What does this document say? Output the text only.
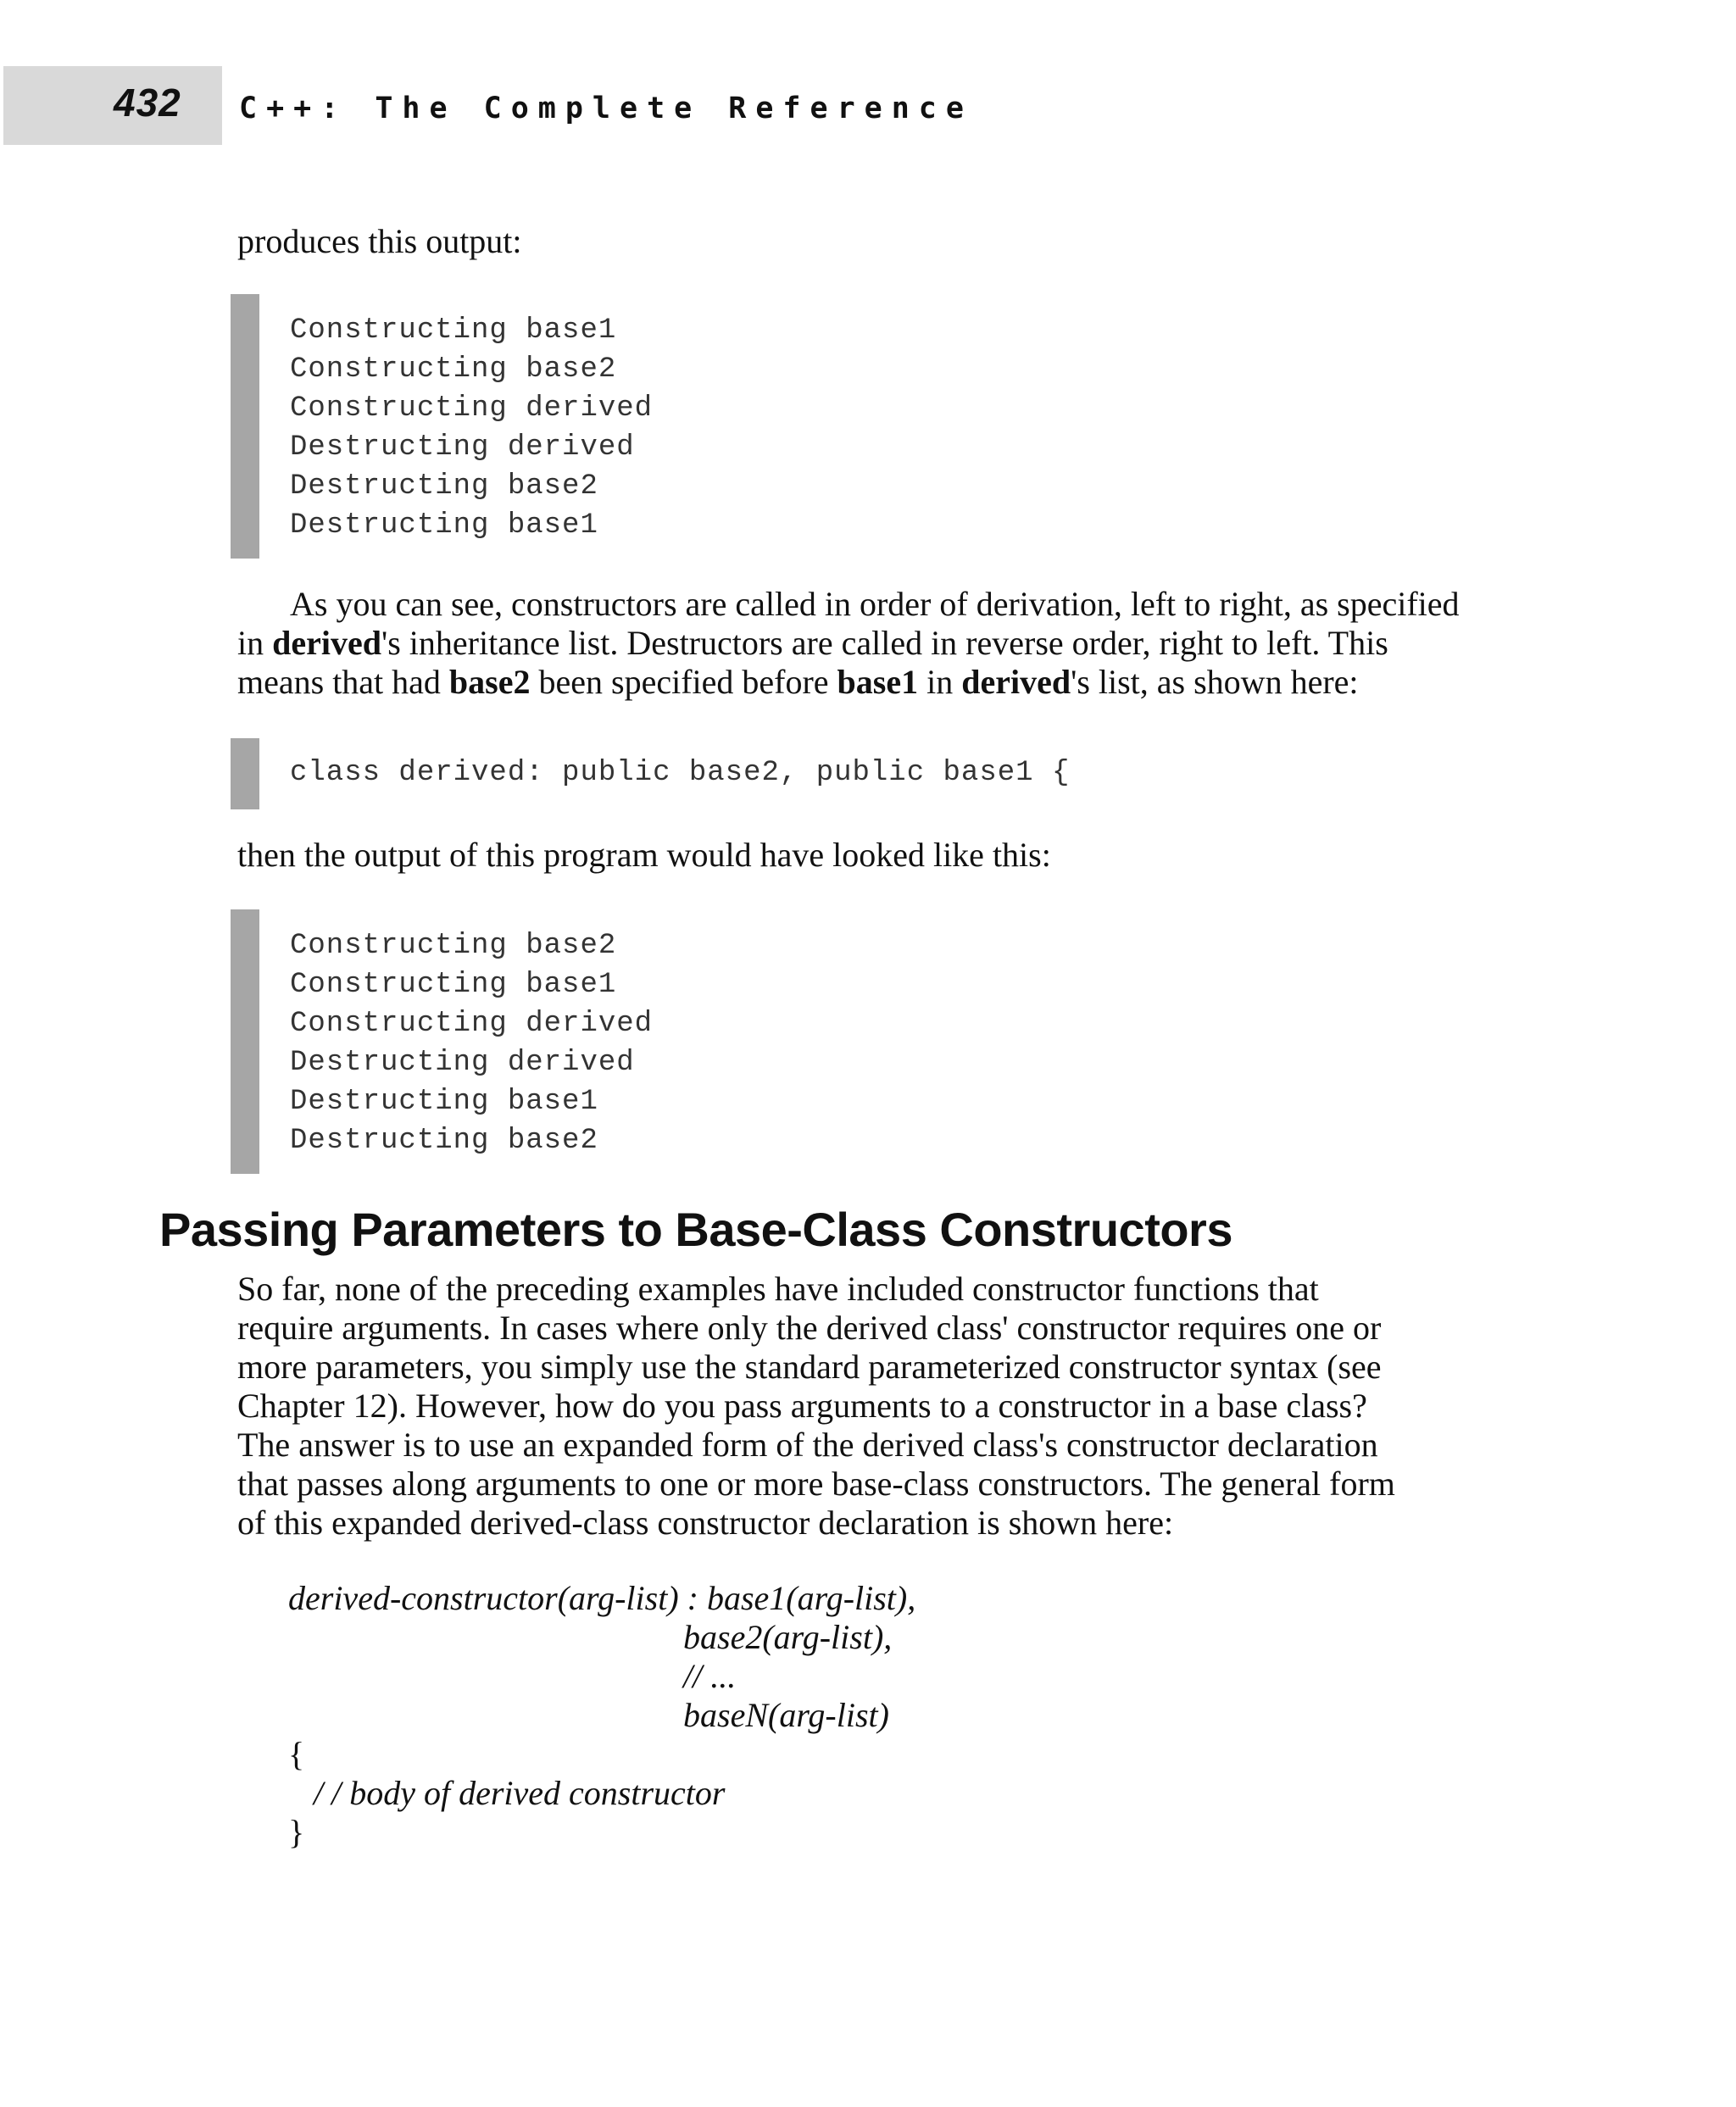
432 C++: The Complete Reference
produces this output:
Constructing base1
Constructing base2
Constructing derived
Destructing derived
Destructing base2
Destructing base1
As you can see, constructors are called in order of derivation, left to right, as specified
in derived's inheritance list. Destructors are called in reverse order, right to left. This
means that had base2 been specified before base1 in derived's list, as shown here:
class derived: public base2, public base1 {
then the output of this program would have looked like this:
Constructing base2
Constructing base1
Constructing derived
Destructing derived
Destructing base1
Destructing base2
Passing Parameters to Base-Class Constructors
So far, none of the preceding examples have included constructor functions that
require arguments. In cases where only the derived class' constructor requires one or
more parameters, you simply use the standard parameterized constructor syntax (see
Chapter 12). However, how do you pass arguments to a constructor in a base class?
The answer is to use an expanded form of the derived class's constructor declaration
that passes along arguments to one or more base-class constructors. The general form
of this expanded derived-class constructor declaration is shown here:
derived-constructor(arg-list) : base1(arg-list),
base2(arg-list),
// ...
baseN(arg-list)
{
/ / body of derived constructor
}
